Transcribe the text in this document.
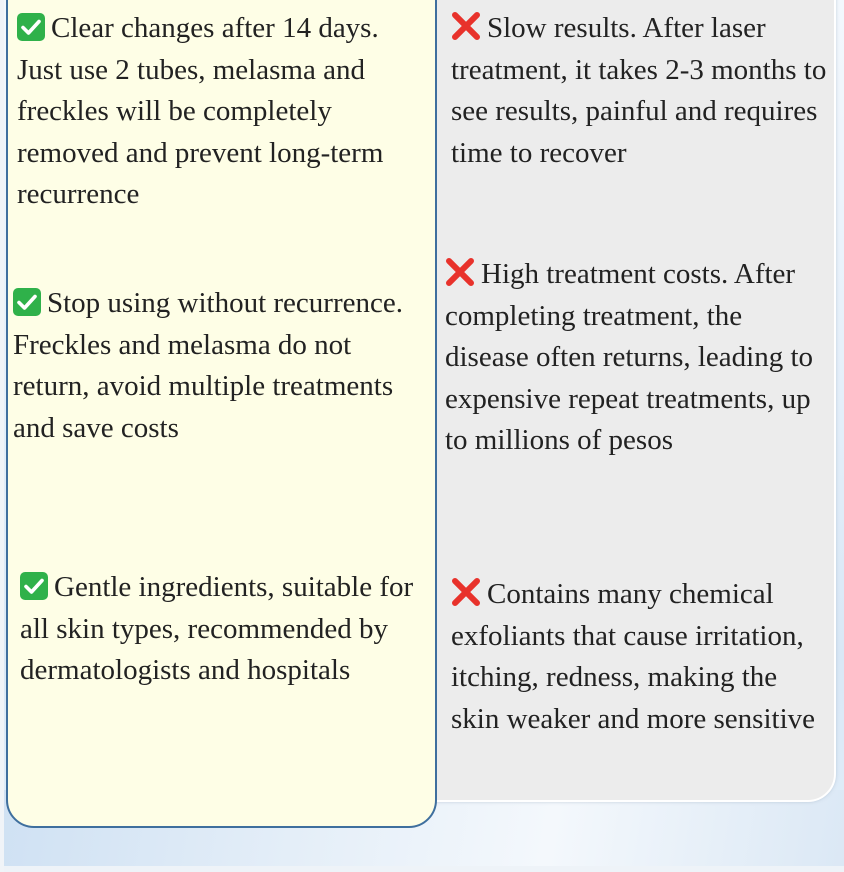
Clear changes after 14 days. Just use 2 tubes, melasma and freckles will be completely removed and prevent long-term recurrence

Stop using without recurrence. Freckles and melasma do not return, avoid multiple treatments and save costs

Gentle ingredients, suitable for all skin types, recommended by dermatologists and hospitals

Slow results. After laser treatment, it takes 2-3 months to see results, painful and requires time to recover

High treatment costs. After completing treatment, the disease often returns, leading to expensive repeat treatments, up to millions of pesos

Contains many chemical exfoliants that cause irritation, itching, redness, making the skin weaker and more sensitive
